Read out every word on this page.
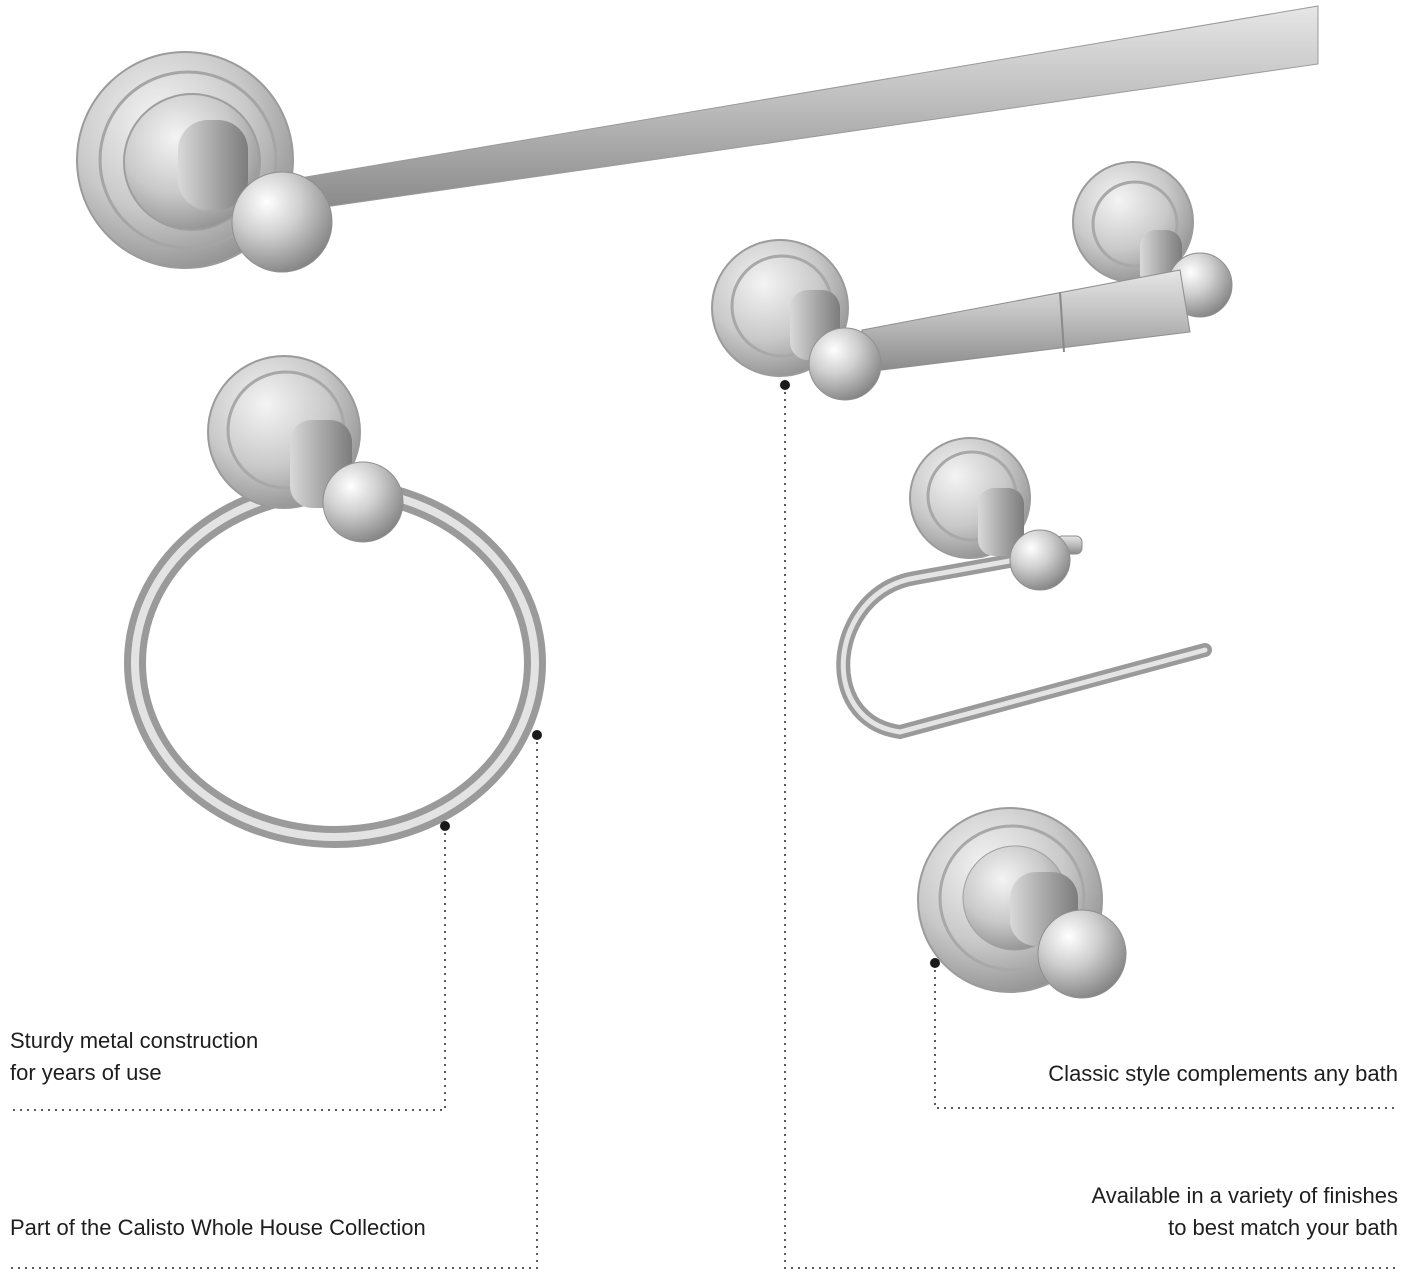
Sturdy metal construction
for years of use
Part of the Calisto Whole House Collection
Classic style complements any bath
Available in a variety of finishes
to best match your bath
